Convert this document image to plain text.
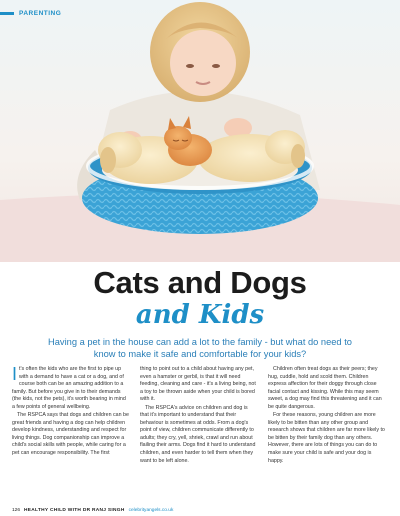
PARENTING
Cats and Dogs
and Kids
Having a pet in the house can add a lot to the family - but what do need to know to make it safe and comfortable for your kids?

It's often the kids who are the first to pipe up with a demand to have a cat or a dog, and of course both can be an amazing addition to a family. But before you give in to their demands (the kids, not the pets), it's worth bearing in mind a few points of general wellbeing.

The RSPCA says that dogs and children can be great friends and having a dog can help children develop kindness, understanding and respect for living things. Dog companionship can improve a child's social skills with people, while caring for a pet can encourage responsibility. The first

thing to point out to a child about having any pet, even a hamster or gerbil, is that it will need feeding, cleaning and care - it's a living being, not a toy to be thrown aside when your child is bored with it.

The RSPCA's advice on children and dog is that it's important to understand that their behaviour is sometimes at odds. From a dog's point of view, children communicate differently to adults; they cry, yell, shriek, crawl and run about flailing their arms. Dogs find it hard to understand children, and even harder to tell them when they want to be left alone.

Children often treat dogs as their peers; they hug, cuddle, hold and scold them. Children express affection for their doggy through close facial contact and kissing. While this may seem sweet, a dog may find this threatening and it can be quite dangerous.

For these reasons, young children are more likely to be bitten than any other group and research shows that children are far more likely to be bitten by their family dog than any others. However, there are lots of things you can do to make sure your child is safe and your dog is happy.

126 HEALTHY CHILD WITH DR RANJ SINGH celebrityangels.co.uk
